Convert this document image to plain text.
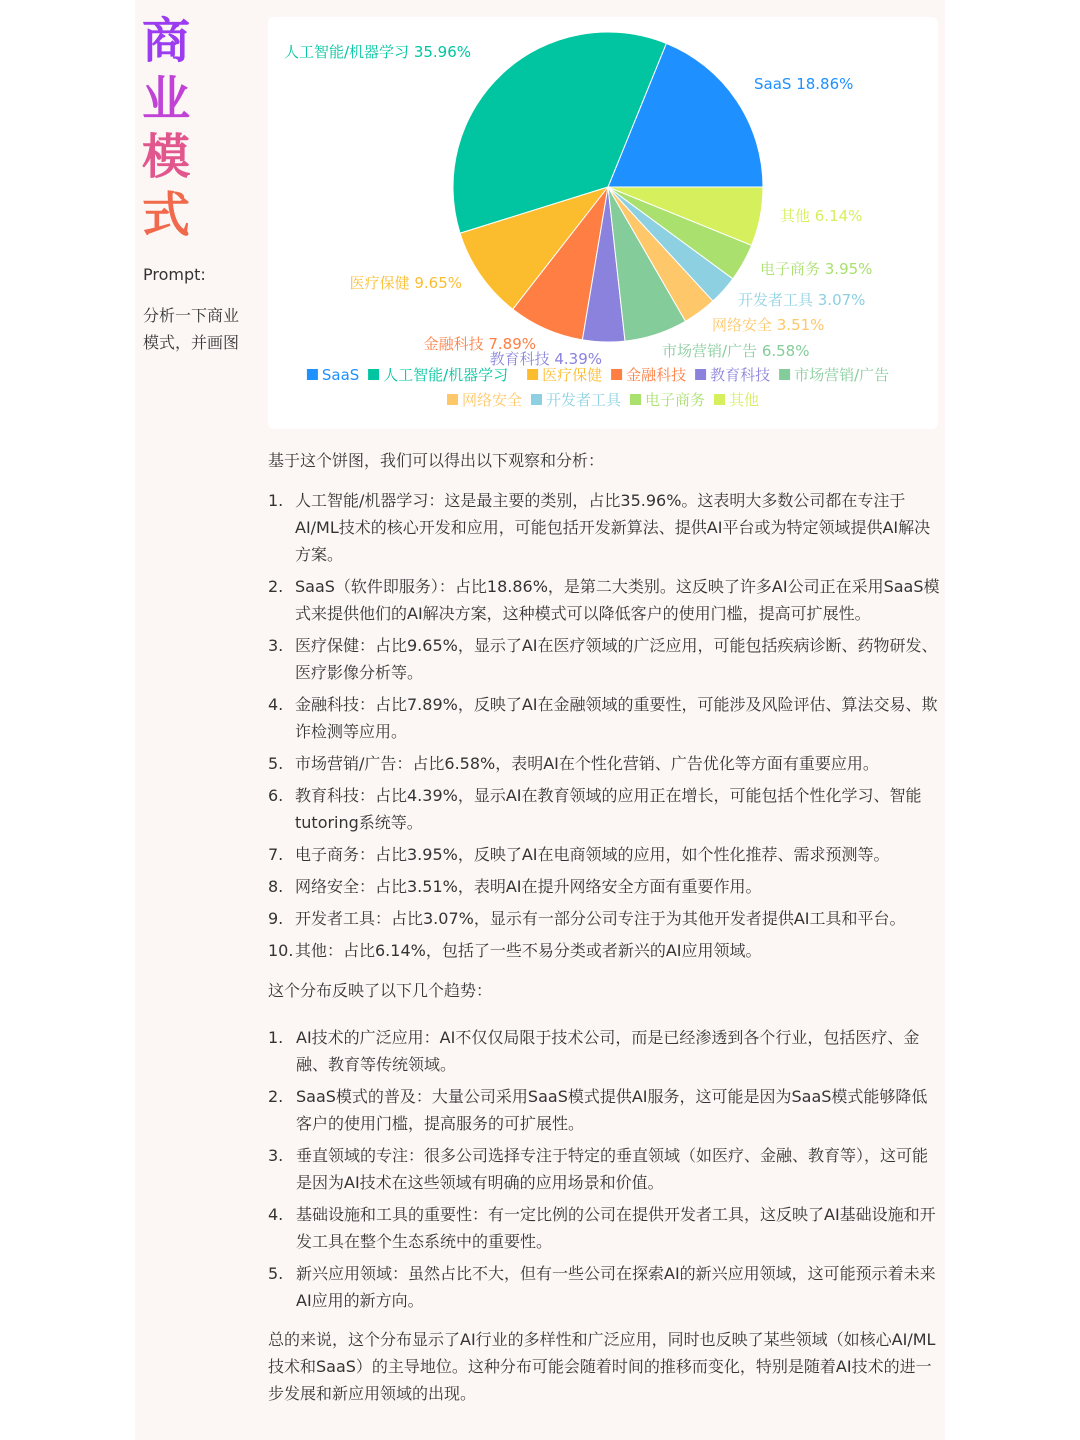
商
业
模
式
Prompt:
分析一下商业模式，并画图
SaaS 18.86%
人工智能/机器学习 35.96%
医疗保健 9.65%
金融科技 7.89%
教育科技 4.39%	市场营销/广告 6.58%
网络安全 3.51%
开发者工具 3.07%
电子商务 3.95%
其他 6.14%
SaaS 人工智能/机器学习 医疗保健 金融科技 教育科技 市场营销/广告
网络安全 开发者工具 电子商务 其他

基于这个饼图，我们可以得出以下观察和分析：

1. 人工智能/机器学习：这是最主要的类别，占比35.96%。这表明大多数公司都在专注于AI/ML技术的核心开发和应用，可能包括开发新算法、提供AI平台或为特定领域提供AI解决方案。
2. SaaS（软件即服务）：占比18.86%，是第二大类别。这反映了许多AI公司正在采用SaaS模式来提供他们的AI解决方案，这种模式可以降低客户的使用门槛，提高可扩展性。
3. 医疗保健：占比9.65%，显示了AI在医疗领域的广泛应用，可能包括疾病诊断、药物研发、医疗影像分析等。
4. 金融科技：占比7.89%，反映了AI在金融领域的重要性，可能涉及风险评估、算法交易、欺诈检测等应用。
5. 市场营销/广告：占比6.58%，表明AI在个性化营销、广告优化等方面有重要应用。
6. 教育科技：占比4.39%，显示AI在教育领域的应用正在增长，可能包括个性化学习、智能tutoring系统等。
7. 电子商务：占比3.95%，反映了AI在电商领域的应用，如个性化推荐、需求预测等。
8. 网络安全：占比3.51%，表明AI在提升网络安全方面有重要作用。
9. 开发者工具：占比3.07%，显示有一部分公司专注于为其他开发者提供AI工具和平台。
10. 其他：占比6.14%，包括了一些不易分类或者新兴的AI应用领域。

这个分布反映了以下几个趋势：

1. AI技术的广泛应用：AI不仅仅局限于技术公司，而是已经渗透到各个行业，包括医疗、金融、教育等传统领域。
2. SaaS模式的普及：大量公司采用SaaS模式提供AI服务，这可能是因为SaaS模式能够降低客户的使用门槛，提高服务的可扩展性。
3. 垂直领域的专注：很多公司选择专注于特定的垂直领域（如医疗、金融、教育等），这可能是因为AI技术在这些领域有明确的应用场景和价值。
4. 基础设施和工具的重要性：有一定比例的公司在提供开发者工具，这反映了AI基础设施和开发工具在整个生态系统中的重要性。
5. 新兴应用领域：虽然占比不大，但有一些公司在探索AI的新兴应用领域，这可能预示着未来AI应用的新方向。

总的来说，这个分布显示了AI行业的多样性和广泛应用，同时也反映了某些领域（如核心AI/ML技术和SaaS）的主导地位。这种分布可能会随着时间的推移而变化，特别是随着AI技术的进一步发展和新应用领域的出现。
